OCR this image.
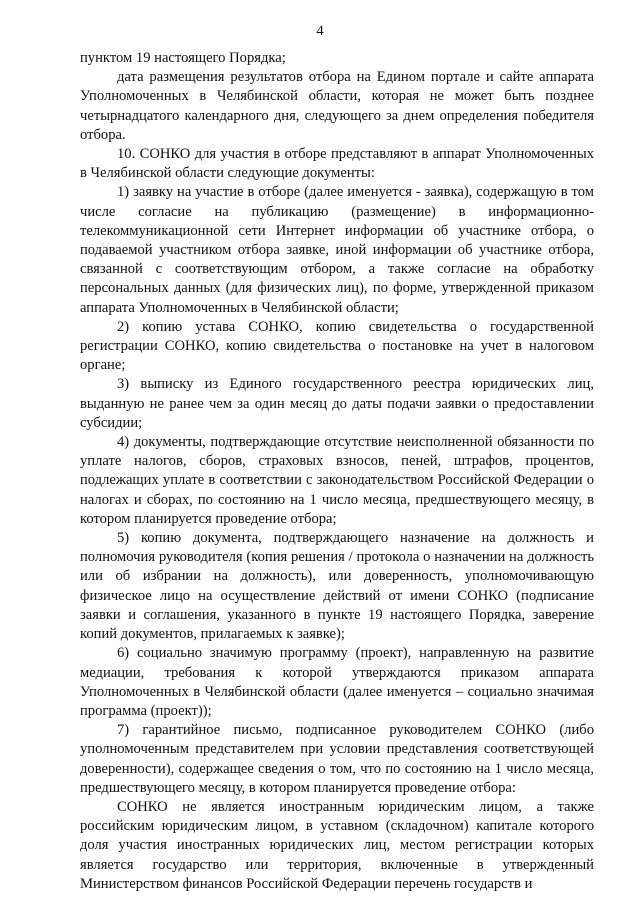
4

пунктом 19 настоящего Порядка;

дата размещения результатов отбора на Едином портале и сайте аппарата Уполномоченных в Челябинской области, которая не может быть позднее четырнадцатого календарного дня, следующего за днем определения победителя отбора.

10. СОНКО для участия в отборе представляют в аппарат Уполномоченных в Челябинской области следующие документы:

1) заявку на участие в отборе (далее именуется - заявка), содержащую в том числе согласие на публикацию (размещение) в информационно-телекоммуникационной сети Интернет информации об участнике отбора, о подаваемой участником отбора заявке, иной информации об участнике отбора, связанной с соответствующим отбором, а также согласие на обработку персональных данных (для физических лиц), по форме, утвержденной приказом аппарата Уполномоченных в Челябинской области;

2) копию устава СОНКО, копию свидетельства о государственной регистрации СОНКО, копию свидетельства о постановке на учет в налоговом органе;

3) выписку из Единого государственного реестра юридических лиц, выданную не ранее чем за один месяц до даты подачи заявки о предоставлении субсидии;

4) документы, подтверждающие отсутствие неисполненной обязанности по уплате налогов, сборов, страховых взносов, пеней, штрафов, процентов, подлежащих уплате в соответствии с законодательством Российской Федерации о налогах и сборах, по состоянию на 1 число месяца, предшествующего месяцу, в котором планируется проведение отбора;

5) копию документа, подтверждающего назначение на должность и полномочия руководителя (копия решения / протокола о назначении на должность или об избрании на должность), или доверенность, уполномочивающую физическое лицо на осуществление действий от имени СОНКО (подписание заявки и соглашения, указанного в пункте 19 настоящего Порядка, заверение копий документов, прилагаемых к заявке);

6) социально значимую программу (проект), направленную на развитие медиации, требования к которой утверждаются приказом аппарата Уполномоченных в Челябинской области (далее именуется – социально значимая программа (проект));

7) гарантийное письмо, подписанное руководителем СОНКО (либо уполномоченным представителем при условии представления соответствующей доверенности), содержащее сведения о том, что по состоянию на 1 число месяца, предшествующего месяцу, в котором планируется проведение отбора:

СОНКО не является иностранным юридическим лицом, а также российским юридическим лицом, в уставном (складочном) капитале которого доля участия иностранных юридических лиц, местом регистрации которых является государство или территория, включенные в утвержденный Министерством финансов Российской Федерации перечень государств и
